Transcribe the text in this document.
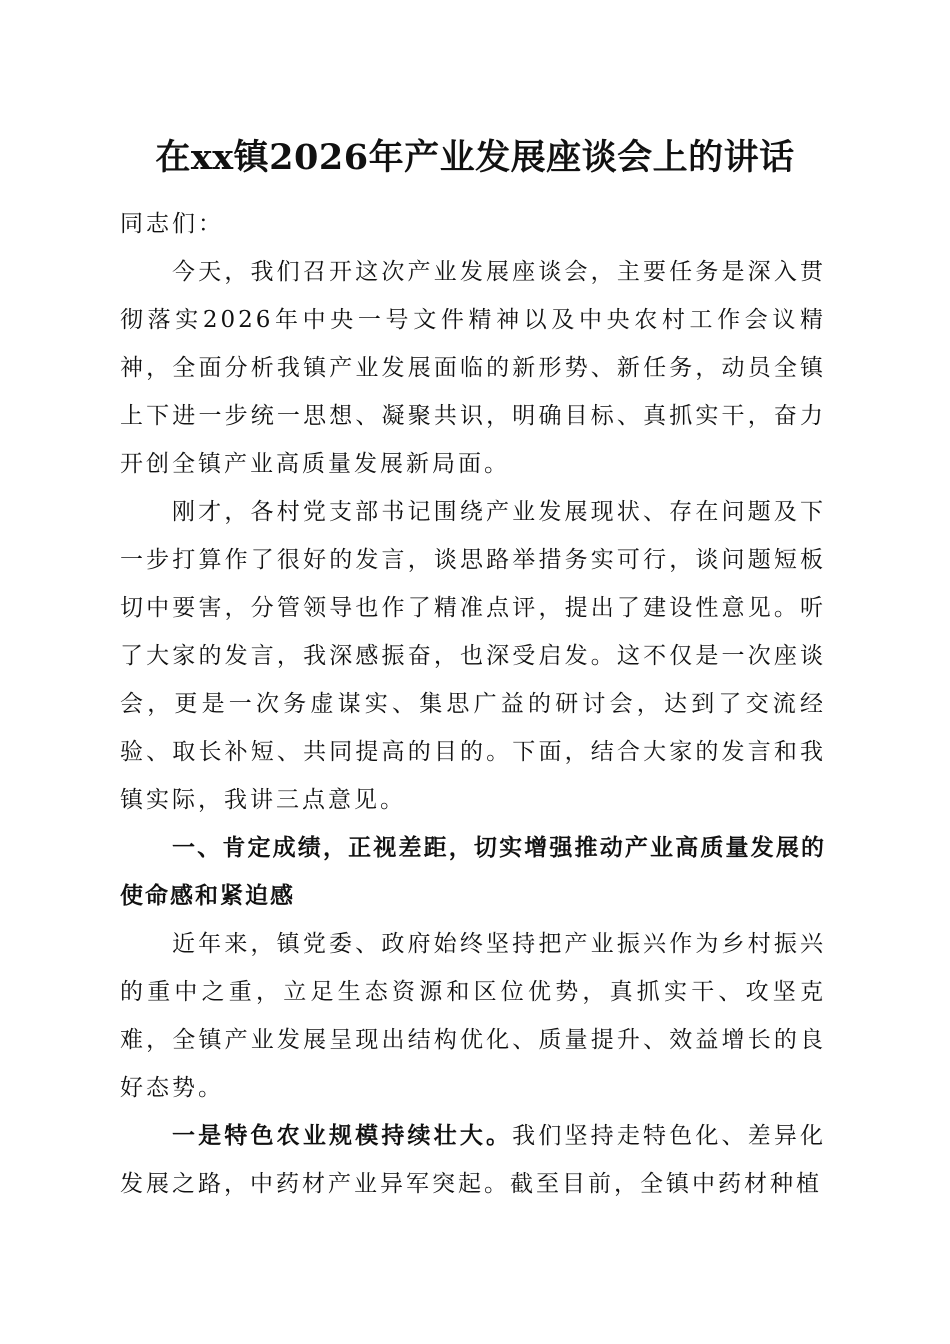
在xx镇2026年产业发展座谈会上的讲话

同志们：

今天，我们召开这次产业发展座谈会，主要任务是深入贯彻落实2026年中央一号文件精神以及中央农村工作会议精神，全面分析我镇产业发展面临的新形势、新任务，动员全镇上下进一步统一思想、凝聚共识，明确目标、真抓实干，奋力开创全镇产业高质量发展新局面。

刚才，各村党支部书记围绕产业发展现状、存在问题及下一步打算作了很好的发言，谈思路举措务实可行，谈问题短板切中要害，分管领导也作了精准点评，提出了建设性意见。听了大家的发言，我深感振奋，也深受启发。这不仅是一次座谈会，更是一次务虚谋实、集思广益的研讨会，达到了交流经验、取长补短、共同提高的目的。下面，结合大家的发言和我镇实际，我讲三点意见。

一、肯定成绩，正视差距，切实增强推动产业高质量发展的使命感和紧迫感

近年来，镇党委、政府始终坚持把产业振兴作为乡村振兴的重中之重，立足生态资源和区位优势，真抓实干、攻坚克难，全镇产业发展呈现出结构优化、质量提升、效益增长的良好态势。

一是特色农业规模持续壮大。我们坚持走特色化、差异化发展之路，中药材产业异军突起。截至目前，全镇中药材种植
